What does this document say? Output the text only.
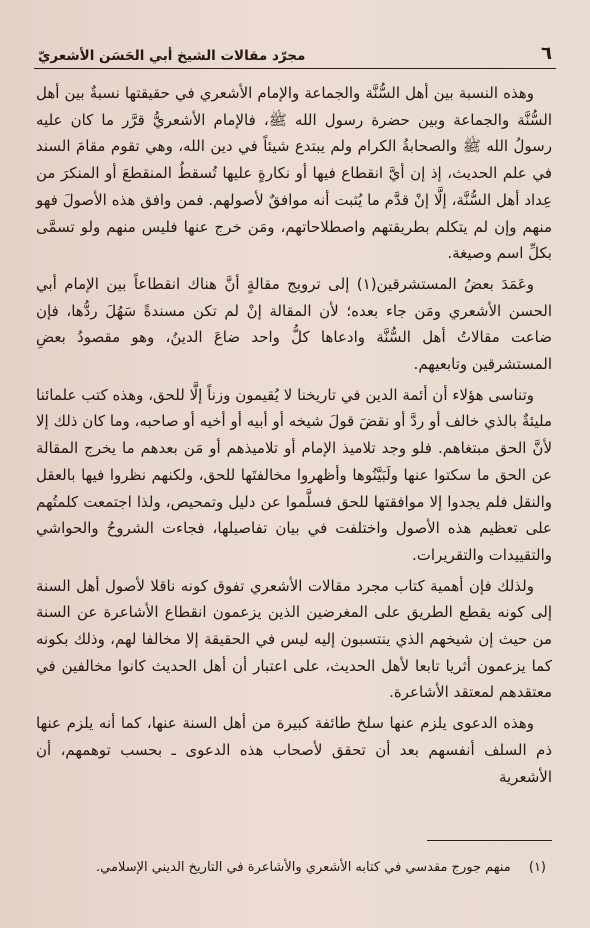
٦
مجرّد مقالات الشيخ أبي الحَسَن الأشعريّ

وهذه النسبة بين أهل السُّنَّة والجماعة والإمام الأشعري في حقيقتها نسبةٌ بين أهل السُّنَّة والجماعة وبين حضرة رسول الله ﷺ، فالإمام الأشعريُّ قرَّر ما كان عليه رسولُ الله ﷺ والصحابةُ الكرام ولم يبتدع شيئاً في دين الله، وهي تقوم مقامَ السند في علم الحديث، إذ إن أيَّ انقطاع فيها أو نكارةٍ عليها تُسقطُ المنقطعَ أو المنكرَ من عِداد أهل السُّنَّة، إلَّا إنْ قدَّم ما يُثبت أنه موافقٌ لأصولهم. فمن وافق هذه الأصولَ فهو منهم وإن لم يتكلم بطريقتهم واصطلاحاتهم، ومَن خرج عنها فليس منهم ولو تسمَّى بكلِّ اسم وصيغة.

وعَمَدَ بعضُ المستشرقين(١) إلى ترويج مقالةٍ أنَّ هناك انقطاعاً بين الإمام أبي الحسن الأشعري ومَن جاء بعده؛ لأن المقالة إنْ لم تكن مسندةً سَهُلَ ردُّها، فإن ضاعت مقالاتُ أهل السُّنَّة وادعاها كلُّ واحد ضاعَ الدينُ، وهو مقصودُ بعضِ المستشرقين وتابعيهم.

وتناسى هؤلاء أن أئمة الدين في تاريخنا لا يُقيمون وزناً إلَّا للحق، وهذه كتب علمائنا مليئةٌ بالذي خالف أو ردَّ أو نقضَ قولَ شيخه أو أبيه أو أخيه أو صاحبه، وما كان ذلك إلا لأنَّ الحق مبتغاهم. فلو وجد تلاميذ الإمام أو تلاميذهم أو مَن بعدهم ما يخرج المقالة عن الحق ما سكتوا عنها ولَبَيَّنُوها وأظهروا مخالفتَها للحق، ولكنهم نظروا فيها بالعقل والنقل فلم يجدوا إلا موافقتها للحق فسلَّموا عن دليل وتمحيص، ولذا اجتمعت كلمتُهم على تعظيم هذه الأصول واختلفت في بيان تفاصيلها، فجاءت الشروحُ والحواشي والتقييدات والتقريرات.

ولذلك فإن أهمية كتاب مجرد مقالات الأشعري تفوق كونه ناقلا لأصول أهل السنة إلى كونه يقطع الطريق على المغرضين الذين يزعمون انقطاع الأشاعرة عن السنة من حيث إن شيخهم الذي ينتسبون إليه ليس في الحقيقة إلا مخالفا لهم، وذلك بكونه كما يزعمون أثريا تابعا لأهل الحديث، على اعتبار أن أهل الحديث كانوا مخالفين في معتقدهم لمعتقد الأشاعرة.

وهذه الدعوى يلزم عنها سلخ طائفة كبيرة من أهل السنة عنها، كما أنه يلزم عنها ذم السلف أنفسهم بعد أن تحقق لأصحاب هذه الدعوى ـ بحسب توهمهم، أن الأشعرية

(١) منهم جورج مقدسي في كتابه الأشعري والأشاعرة في التاريخ الديني الإسلامي.
